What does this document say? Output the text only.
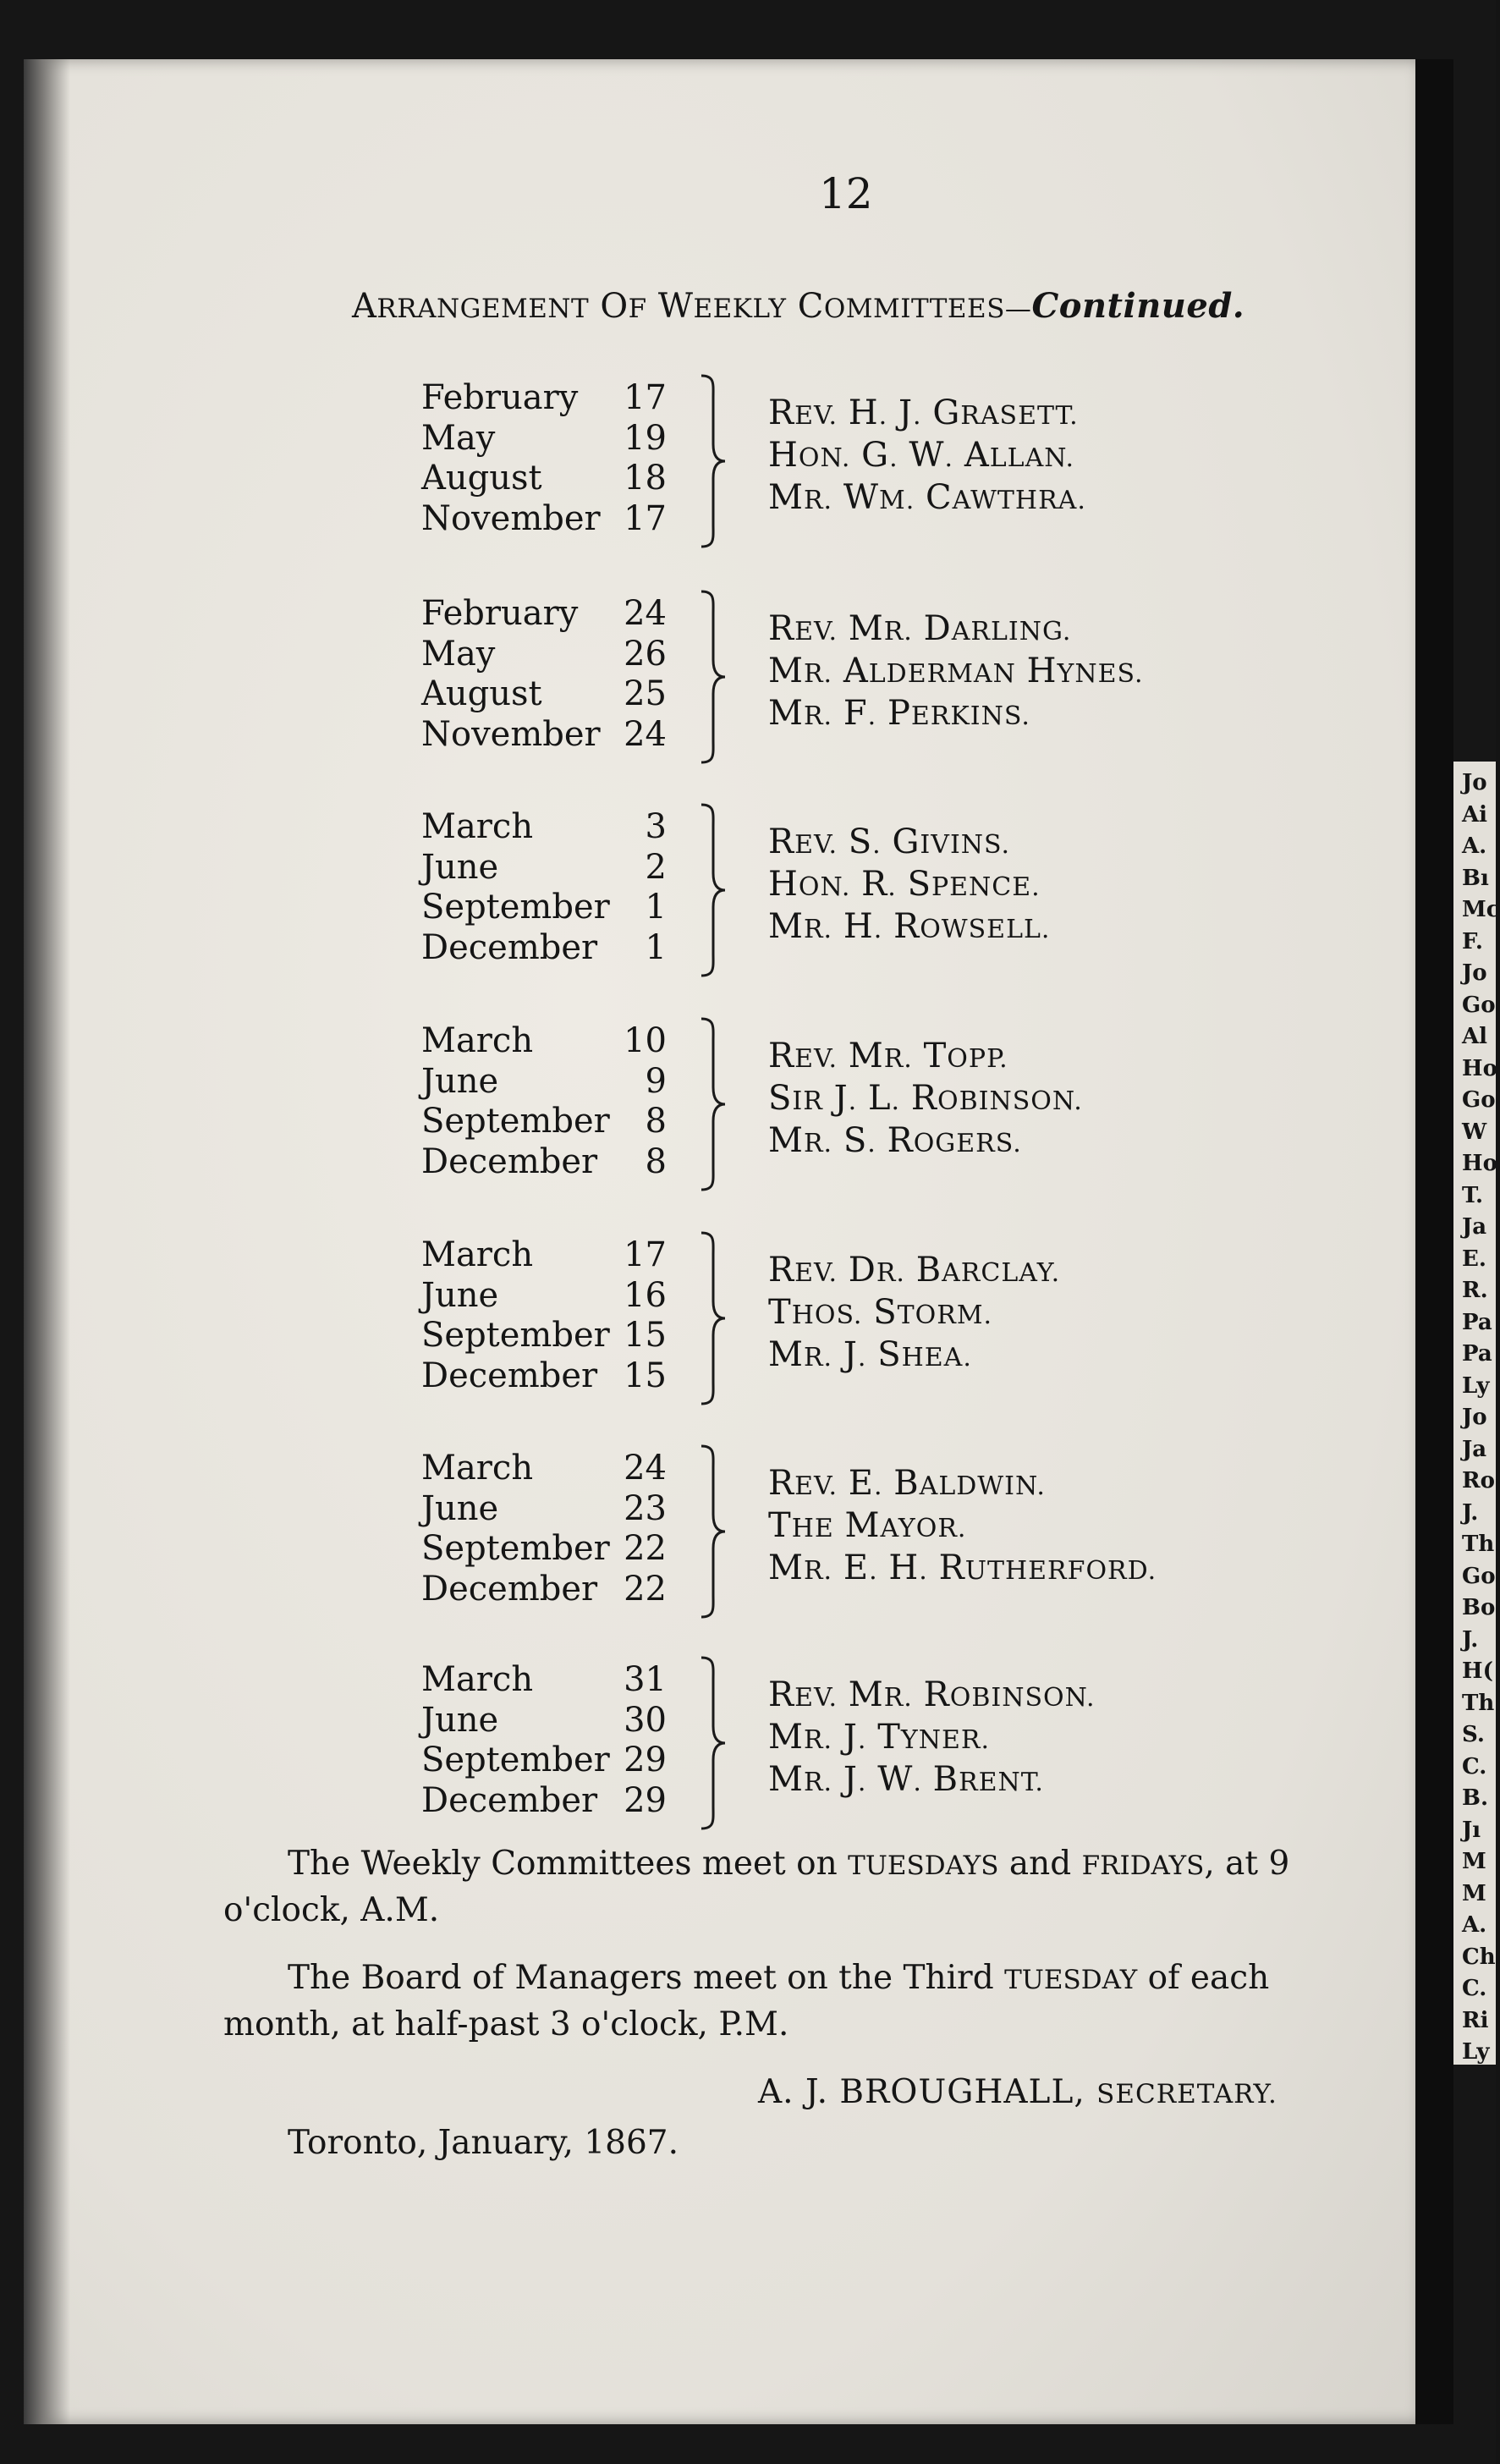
12
ARRANGEMENT OF WEEKLY COMMITTEES—Continued.
February 17
May	19
August 18
November 17
REV. H. J. GRASETT.
HON. G. W. ALLAN.
MR. WM. CAWTHRA.
February 24
May	26
August 25
November 24
REV. MR. DARLING.
MR. ALDERMAN HYNES.
MR. F. PERKINS.
March	3
June	2
September	1
December	1
REV. S. GIVINS.
HON. R. SPENCE.
MR. H. ROWSELL.
March	10
June	9
September	8
December	8
REV. MR. TOPP.
SIR J. L. ROBINSON.
MR. S. ROGERS.
March	17
June	16
September 15
December 15
REV. DR. BARCLAY.
THOS. STORM.
MR. J. SHEA.
March	24
June	23
September 22
December 22
REV. E. BALDWIN.
THE MAYOR.
MR. E. H. RUTHERFORD.
March	31
June	30
September 29
December 29
REV. MR. ROBINSON.
MR. J. TYNER.
MR. J. W. BRENT.
The Weekly Committees meet on TUESDAYS and FRIDAYS, at 9
o'clock, A.M.
The Board of Managers meet on the Third TUESDAY of each
month, at half-past 3 o'clock, P.M.
A. J. BROUGHALL, SECRETARY.
Toronto, January, 1867.
Jo
Ai
A.
Bı
Mc
F.
Jo
Go
Al
Ho
Go
W
Ho
T.
Ja
E.
R.
Pa
Pa
Ly
Jo
Ja
Ro
J.
Th
Go
Bo
J.
H(
Th
S.
C.
B.
Jı
M
M
A.
Ch
C.
Ri
Ly
